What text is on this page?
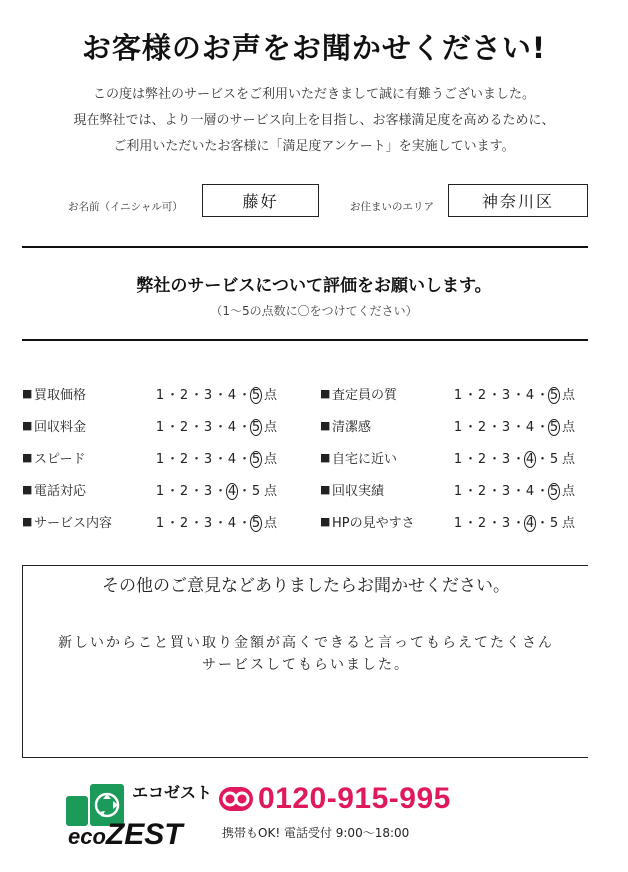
お客様のお声をお聞かせください!
この度は弊社のサービスをご利用いただきまして誠に有難うございました。
現在弊社では、より一層のサービス向上を目指し、お客様満足度を高めるために、
ご利用いただいたお客様に「満足度アンケート」を実施しています。
お名前（イニシャル可）	藤好	お住まいのエリア	神奈川区
弊社のサービスについて評価をお願いします。
（1～5の点数に〇をつけてください）
■ 買取価格	1 ・2 ・3 ・4 ・5 点	■ 査定員の質	1 ・2 ・3 ・4 ・5 点
■ 回収料金	1 ・2 ・3 ・4 ・5 点	■ 清潔感	1 ・2 ・3 ・4 ・5 点
■ スピード	1 ・2 ・3 ・4 ・5 点	■ 自宅に近い	1 ・2 ・3 ・4 ・5 点
■ 電話対応	1 ・2 ・3 ・4 ・5 点	■ 回収実績	1 ・2 ・3 ・4 ・5 点
■ サービス内容	1 ・2 ・3 ・4 ・5 点	■ HPの見やすさ	1 ・2 ・3 ・4 ・5 点
その他のご意見などありましたらお聞かせください。
新しいからこと買い取り金額が高くできると言ってもらえてたくさん
サービスしてもらいました。
エコゼスト
ecoZEST
0120-915-995
携帯もOK! 電話受付 9:00～18:00
